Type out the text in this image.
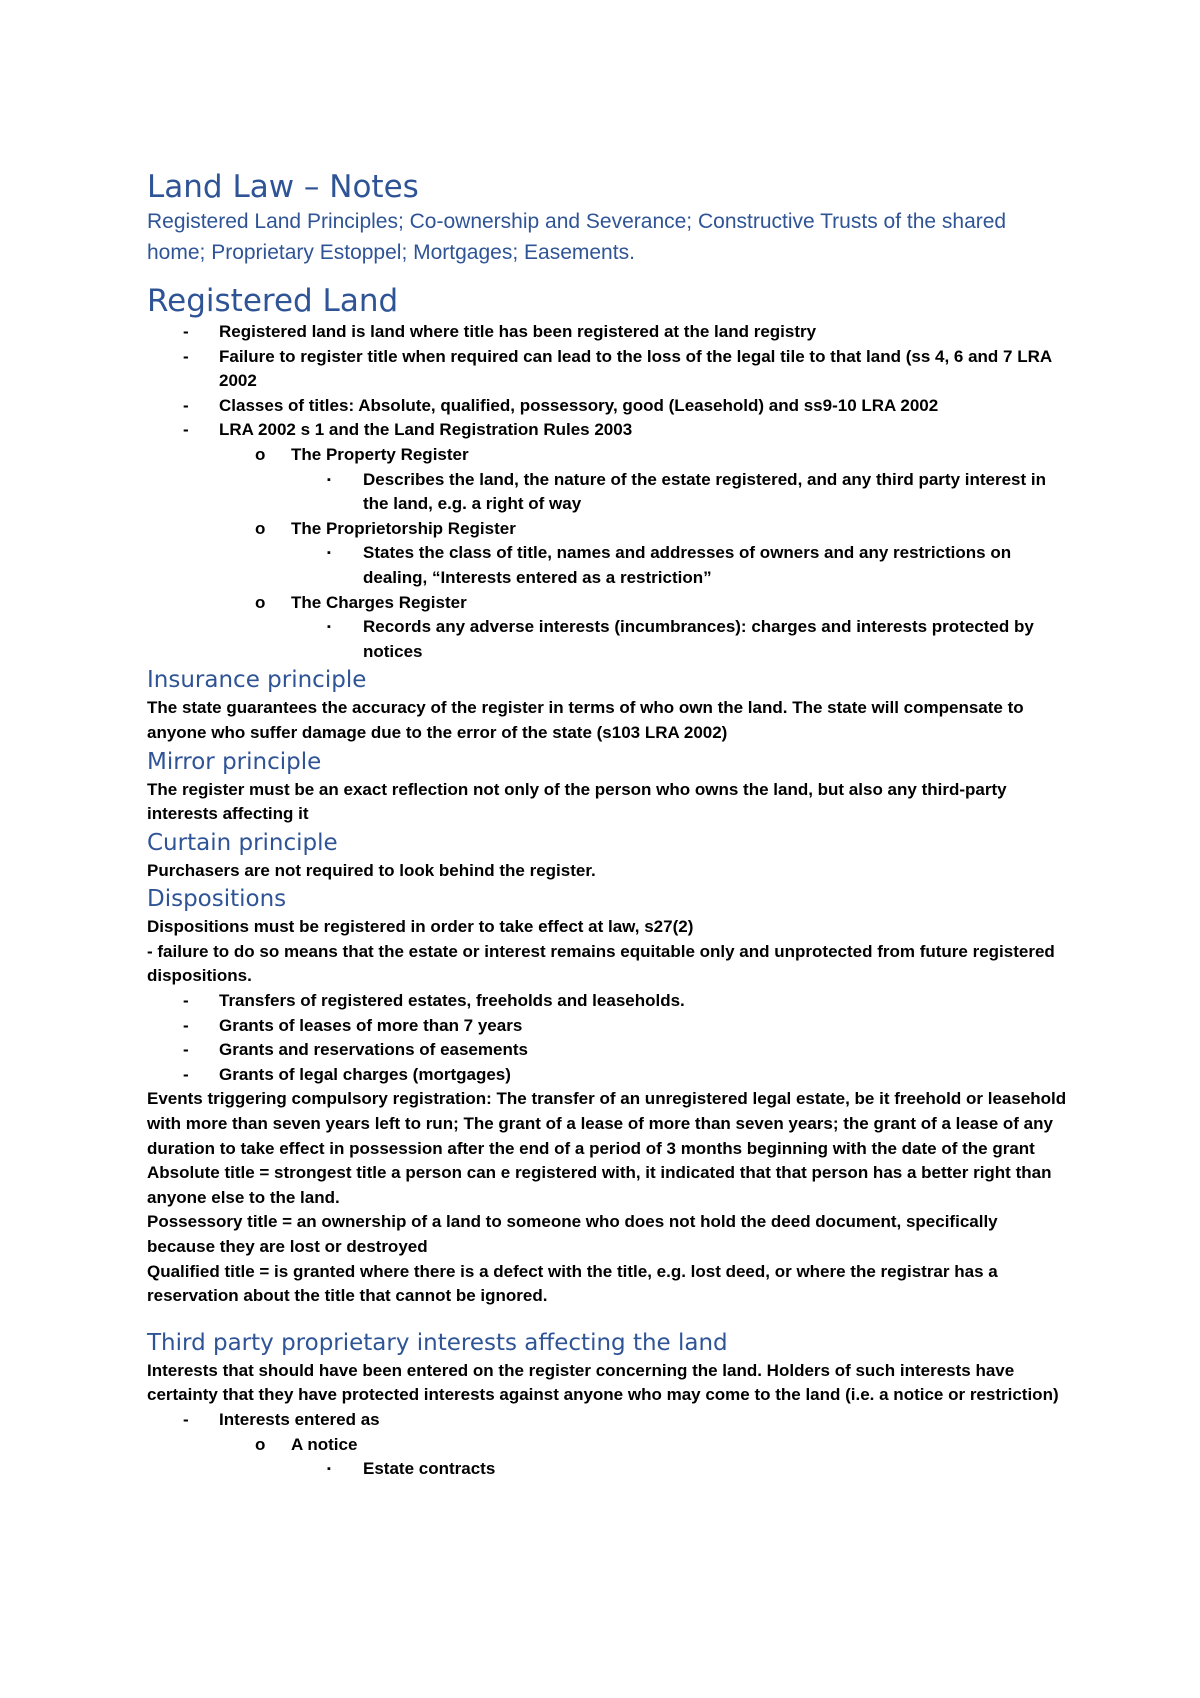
Land Law – Notes

Registered Land Principles; Co-ownership and Severance; Constructive Trusts of the shared home; Proprietary Estoppel; Mortgages; Easements.

Registered Land
- Registered land is land where title has been registered at the land registry
- Failure to register title when required can lead to the loss of the legal tile to that land (ss 4, 6 and 7 LRA 2002
- Classes of titles: Absolute, qualified, possessory, good (Leasehold) and ss9-10 LRA 2002
- LRA 2002 s 1 and the Land Registration Rules 2003
o The Property Register
▪ Describes the land, the nature of the estate registered, and any third party interest in the land, e.g. a right of way
o The Proprietorship Register
▪ States the class of title, names and addresses of owners and any restrictions on dealing, “Interests entered as a restriction”
o The Charges Register
▪ Records any adverse interests (incumbrances): charges and interests protected by notices
Insurance principle

The state guarantees the accuracy of the register in terms of who own the land. The state will compensate to anyone who suffer damage due to the error of the state (s103 LRA 2002)

Mirror principle

The register must be an exact reflection not only of the person who owns the land, but also any third-party interests affecting it

Curtain principle

Purchasers are not required to look behind the register.

Dispositions

Dispositions must be registered in order to take effect at law, s27(2)

- failure to do so means that the estate or interest remains equitable only and unprotected from future registered dispositions.

- Transfers of registered estates, freeholds and leaseholds.
- Grants of leases of more than 7 years
- Grants and reservations of easements
- Grants of legal charges (mortgages)

Events triggering compulsory registration: The transfer of an unregistered legal estate, be it freehold or leasehold with more than seven years left to run; The grant of a lease of more than seven years; the grant of a lease of any duration to take effect in possession after the end of a period of 3 months beginning with the date of the grant

Absolute title = strongest title a person can e registered with, it indicated that that person has a better right than anyone else to the land.

Possessory title = an ownership of a land to someone who does not hold the deed document, specifically because they are lost or destroyed

Qualified title = is granted where there is a defect with the title, e.g. lost deed, or where the registrar has a reservation about the title that cannot be ignored.

Third party proprietary interests affecting the land

Interests that should have been entered on the register concerning the land. Holders of such interests have certainty that they have protected interests against anyone who may come to the land (i.e. a notice or restriction)

- Interests entered as
o A notice
▪ Estate contracts
